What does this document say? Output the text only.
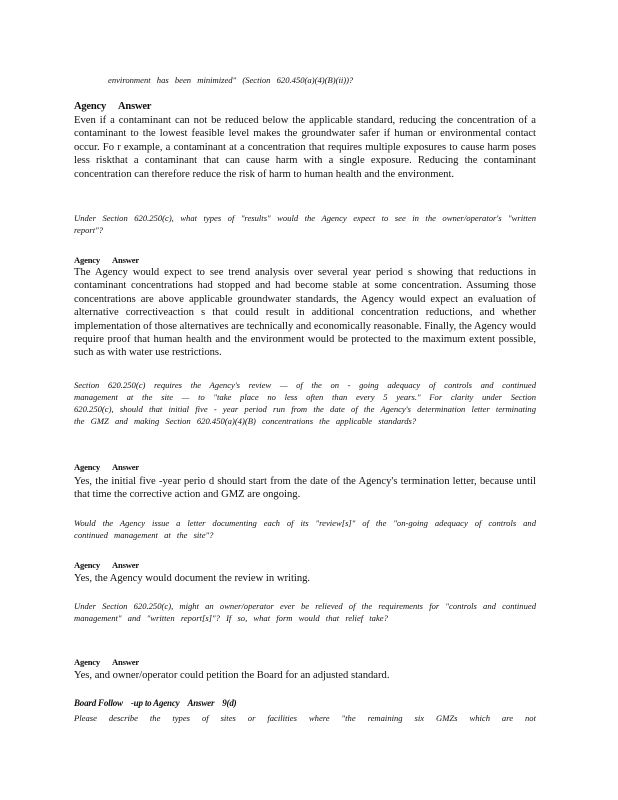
environment has been minimized" (Section 620.450(a)(4)(B)(ii))?
Agency Answer
Even if a contaminant can not be reduced below the applicable standard, reducing the concentration of a contaminant to the lowest feasible level makes the groundwater safer if human or environmental contact occur. Fo r example, a contaminant at a concentration that requires multiple exposures to cause harm poses less riskthat a contaminant that can cause harm with a single exposure. Reducing the contaminant concentration can therefore reduce the risk of harm to human health and the environment.
Under Section 620.250(c), what types of "results" would the Agency expect to see in the owner/operator's "written report"?
Agency Answer
The Agency would expect to see trend analysis over several year period s showing that reductions in contaminant concentrations had stopped and had become stable at some concentration. Assuming those concentrations are above applicable groundwater standards, the Agency would expect an evaluation of alternative correctiveaction s that could result in additional concentration reductions, and whether implementation of those alternatives are technically and economically reasonable. Finally, the Agency would require proof that human health and the environment would be protected to the maximum extent possible, such as with water use restrictions.
Section 620.250(c) requires the Agency's review — of the on - going adequacy of controls and continued management at the site — to "take place no less often than every 5 years." For clarity under Section 620.250(c), should that initial five - year period run from the date of the Agency's determination letter terminating the GMZ and making Section 620.450(a)(4)(B) concentrations the applicable standards?
Agency Answer
Yes, the initial five -year perio d should start from the date of the Agency's termination letter, because until that time the corrective action and GMZ are ongoing.
Would the Agency issue a letter documenting each of its "review[s]" of the "on-going adequacy of controls and continued management at the site"?
Agency Answer
Yes, the Agency would document the review in writing.
Under Section 620.250(c), might an owner/operator ever be relieved of the requirements for "controls and continued management" and "written report[s]"? If so, what form would that relief take?
Agency Answer
Yes, and owner/operator could petition the Board for an adjusted standard.
Board Follow -up to Agency Answer 9(d)
Please describe the types of sites or facilities where "the remaining six GMZs which are not
